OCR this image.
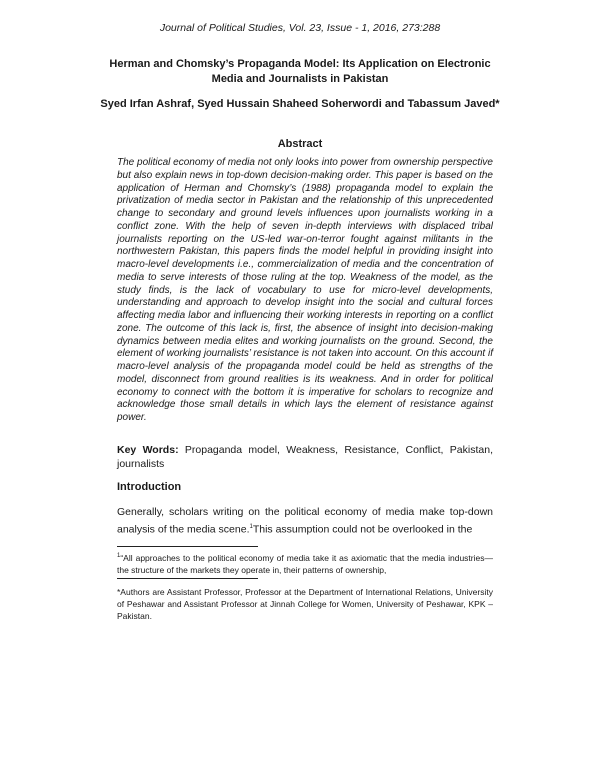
Journal of Political Studies, Vol. 23, Issue - 1, 2016, 273:288
Herman and Chomsky’s Propaganda Model: Its Application on Electronic Media and Journalists in Pakistan
Syed Irfan Ashraf, Syed Hussain Shaheed Soherwordi and Tabassum Javed*
Abstract

The political economy of media not only looks into power from ownership perspective but also explain news in top-down decision-making order. This paper is based on the application of Herman and Chomsky’s (1988) propaganda model to explain the privatization of media sector in Pakistan and the relationship of this unprecedented change to secondary and ground levels influences upon journalists working in a conflict zone. With the help of seven in-depth interviews with displaced tribal journalists reporting on the US-led war-on-terror fought against militants in the northwestern Pakistan, this papers finds the model helpful in providing insight into macro-level developments i.e., commercialization of media and the concentration of media to serve interests of those ruling at the top. Weakness of the model, as the study finds, is the lack of vocabulary to use for micro-level developments, understanding and approach to develop insight into the social and cultural forces affecting media labor and influencing their working interests in reporting on a conflict zone. The outcome of this lack is, first, the absence of insight into decision-making dynamics between media elites and working journalists on the ground. Second, the element of working journalists’ resistance is not taken into account. On this account if macro-level analysis of the propaganda model could be held as strengths of the model, disconnect from ground realities is its weakness. And in order for political economy to connect with the bottom it is imperative for scholars to recognize and acknowledge those small details in which lays the element of resistance against power.

Key Words: Propaganda model, Weakness, Resistance, Conflict, Pakistan, journalists

Introduction

Generally, scholars writing on the political economy of media make top-down analysis of the media scene.$^1$This assumption could not be overlooked in the

$^1$“All approaches to the political economy of media take it as axiomatic that the media industries—the structure of the markets they operate in, their patterns of ownership,

*Authors are Assistant Professor, Professor at the Department of International Relations, University of Peshawar and Assistant Professor at Jinnah College for Women, University of Peshawar, KPK – Pakistan.
